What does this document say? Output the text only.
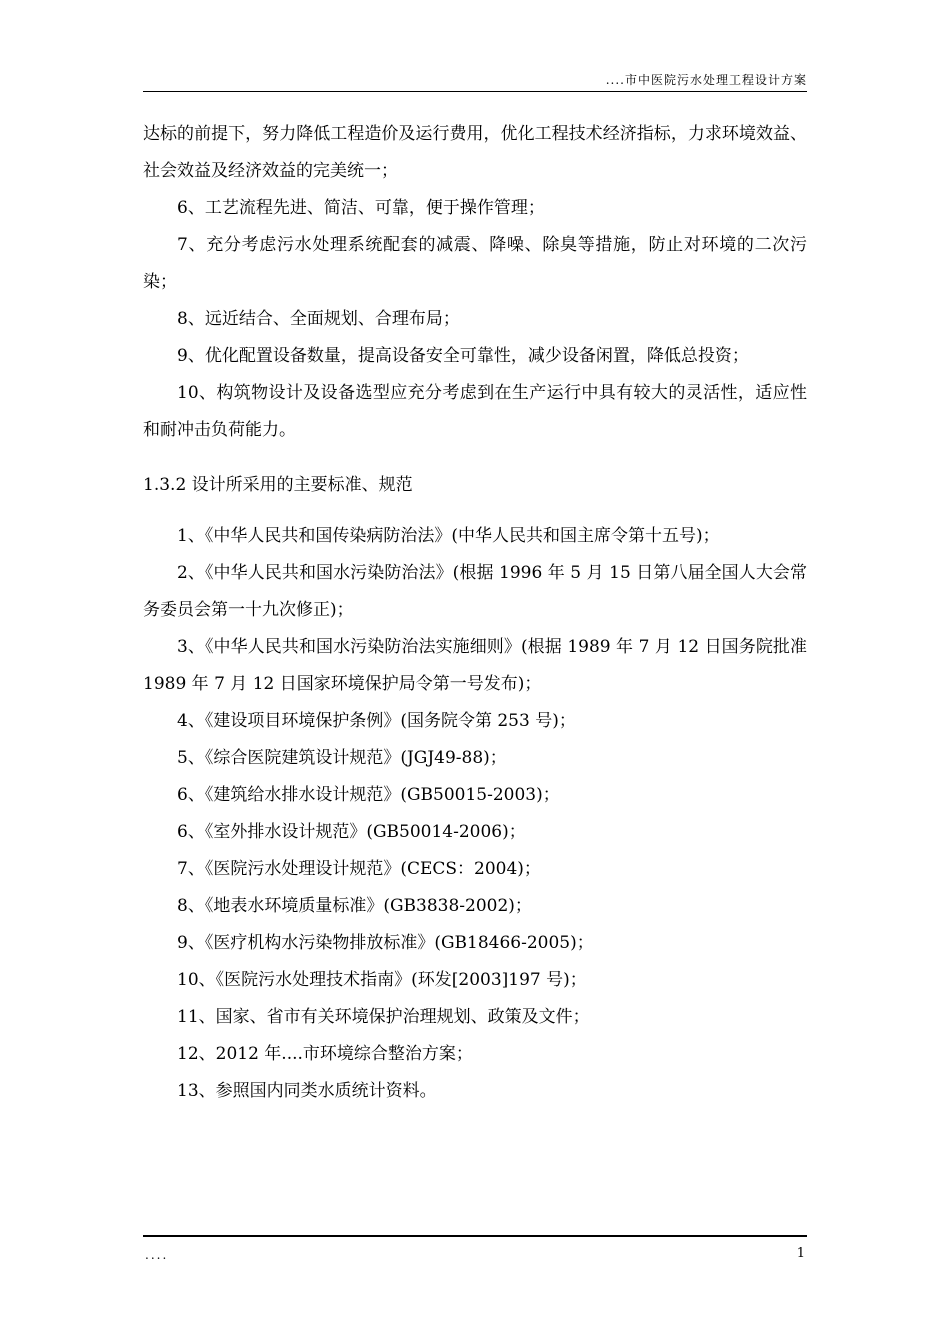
....市中医院污水处理工程设计方案

达标的前提下，努力降低工程造价及运行费用，优化工程技术经济指标，力求环境效益、社会效益及经济效益的完美统一；

6、工艺流程先进、简洁、可靠，便于操作管理；

7、充分考虑污水处理系统配套的减震、降噪、除臭等措施，防止对环境的二次污染；

8、远近结合、全面规划、合理布局；

9、优化配置设备数量，提高设备安全可靠性，减少设备闲置，降低总投资；

10、构筑物设计及设备选型应充分考虑到在生产运行中具有较大的灵活性，适应性和耐冲击负荷能力。

1.3.2 设计所采用的主要标准、规范

1、《中华人民共和国传染病防治法》(中华人民共和国主席令第十五号)；

2、《中华人民共和国水污染防治法》(根据 1996 年 5 月 15 日第八届全国人大会常务委员会第一十九次修正)；

3、《中华人民共和国水污染防治法实施细则》(根据 1989 年 7 月 12 日国务院批准 1989 年 7 月 12 日国家环境保护局令第一号发布)；

4、《建设项目环境保护条例》(国务院令第 253 号)；

5、《综合医院建筑设计规范》(JGJ49-88)；

6、《建筑给水排水设计规范》(GB50015-2003)；

6、《室外排水设计规范》(GB50014-2006)；

7、《医院污水处理设计规范》(CECS：2004)；

8、《地表水环境质量标准》(GB3838-2002)；

9、《医疗机构水污染物排放标准》(GB18466-2005)；

10、《医院污水处理技术指南》(环发[2003]197 号)；

11、国家、省市有关环境保护治理规划、政策及文件；

12、2012 年....市环境综合整治方案；

13、参照国内同类水质统计资料。

....	1
